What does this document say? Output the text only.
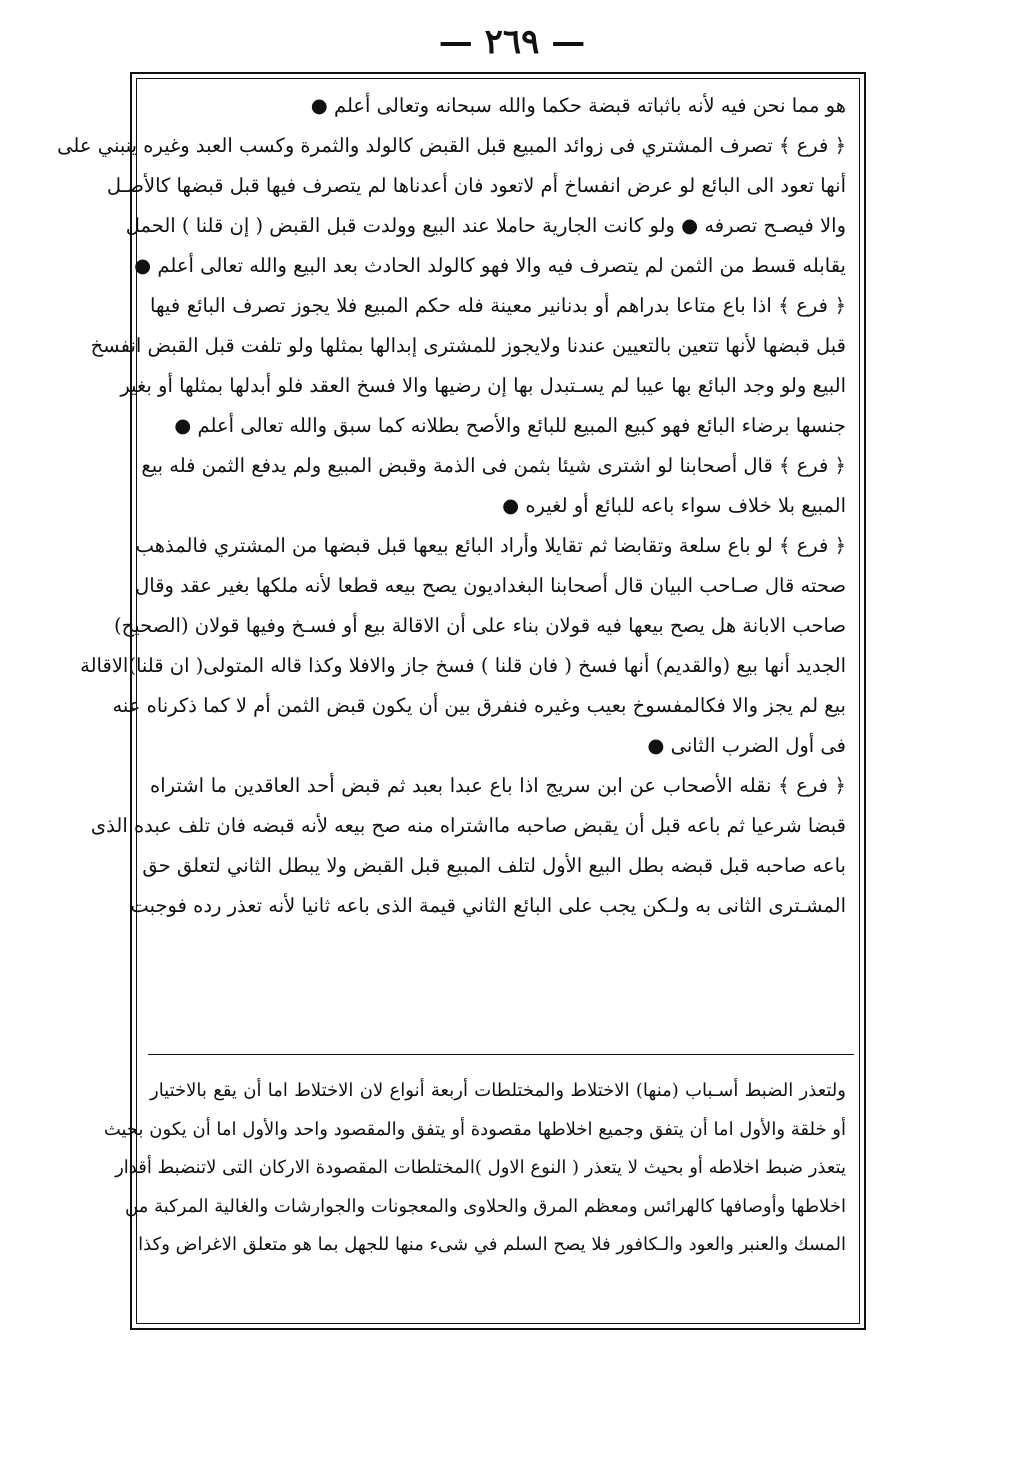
— ٢٦٩ —
هو مما نحن فيه لأنه باثباته قبضة حكما والله سبحانه وتعالى أعلم ●
﴿ فرع ﴾ تصرف المشتري فى زوائد المبيع قبل القبض كالولد والثمرة وكسب العبد وغيره ينبني على
أنها تعود الى البائع لو عرض انفساخ أم لاتعود فان أعدناها لم يتصرف فيها قبل قبضها كالأصـل
والا فيصـح تصرفه ● ولو كانت الجارية حاملا عند البيع وولدت قبل القبض ( إن قلنا ) الحمل
يقابله قسط من الثمن لم يتصرف فيه والا فهو كالولد الحادث بعد البيع والله تعالى أعلم ●
﴿ فرع ﴾ اذا باع متاعا بدراهم أو بدنانير معينة فله حكم المبيع فلا يجوز تصرف البائع فيها
قبل قبضها لأنها تتعين بالتعيين عندنا ولايجوز للمشترى إبدالها بمثلها ولو تلفت قبل القبض انفسخ
البيع ولو وجد البائع بها عيبا لم يسـتبدل بها إن رضيها والا فسخ العقد فلو أبدلها بمثلها أو بغير
جنسها برضاء البائع فهو كبيع المبيع للبائع والأصح بطلانه كما سبق والله تعالى أعلم ●
﴿ فرع ﴾ قال أصحابنا لو اشترى شيئا بثمن فى الذمة وقبض المبيع ولم يدفع الثمن فله بيع
المبيع بلا خلاف سواء باعه للبائع أو لغيره ●
﴿ فرع ﴾ لو باع سلعة وتقابضا ثم تقايلا وأراد البائع بيعها قبل قبضها من المشتري فالمذهب
صحته قال صـاحب البيان قال أصحابنا البغداديون يصح بيعه قطعا لأنه ملكها بغير عقد وقال
صاحب الابانة هل يصح بيعها فيه قولان بناء على أن الاقالة بيع أو فسـخ وفيها قولان (الصحيح)
الجديد أنها بيع (والقديم) أنها فسخ ( فان قلنا ) فسخ جاز والافلا وكذا قاله المتولى( ان قلنا)الاقالة
بيع لم يجز والا فكالمفسوخ بعيب وغيره فنفرق بين أن يكون قبض الثمن أم لا كما ذكرناه عنه
فى أول الضرب الثانى ●
﴿ فرع ﴾ نقله الأصحاب عن ابن سريج اذا باع عبدا بعبد ثم قبض أحد العاقدين ما اشتراه
قبضا شرعيا ثم باعه قبل أن يقبض صاحبه مااشتراه منه صح بيعه لأنه قبضه فان تلف عبده الذى
باعه صاحبه قبل قبضه بطل البيع الأول لتلف المبيع قبل القبض ولا يبطل الثاني لتعلق حق
المشـترى الثانى به ولـكن يجب على البائع الثاني قيمة الذى باعه ثانيا لأنه تعذر رده فوجبت
ولتعذر الضبط أسـباب (منها) الاختلاط والمختلطات أربعة أنواع لان الاختلاط اما أن يقع بالاختيار
أو خلقة والأول اما أن يتفق وجميع اخلاطها مقصودة أو يتفق والمقصود واحد والأول اما أن يكون بحيث
يتعذر ضبط اخلاطه أو بحيث لا يتعذر ( النوع الاول )المختلطات المقصودة الاركان التى لاتنضبط أقدار
اخلاطها وأوصافها كالهرائس ومعظم المرق والحلاوى والمعجونات والجوارشات والغالية المركبة من
المسك والعنبر والعود والـكافور فلا يصح السلم في شىء منها للجهل بما هو متعلق الاغراض وكذا
